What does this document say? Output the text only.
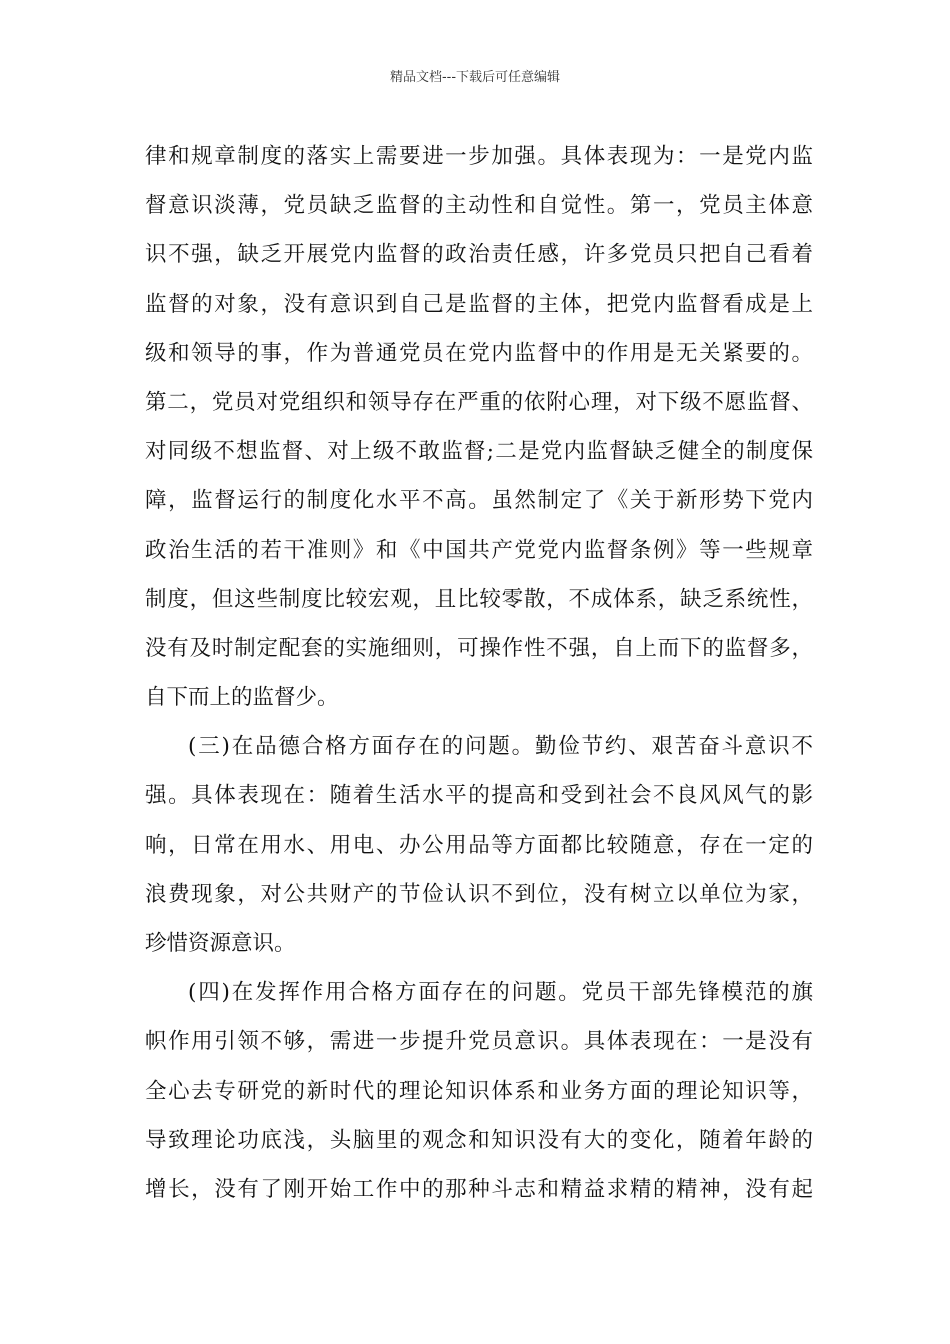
精品文档---下载后可任意编辑
律和规章制度的落实上需要进一步加强。具体表现为：一是党内监
督意识淡薄，党员缺乏监督的主动性和自觉性。第一，党员主体意
识不强，缺乏开展党内监督的政治责任感，许多党员只把自己看着
监督的对象，没有意识到自己是监督的主体，把党内监督看成是上
级和领导的事，作为普通党员在党内监督中的作用是无关紧要的。
第二，党员对党组织和领导存在严重的依附心理，对下级不愿监督、
对同级不想监督、对上级不敢监督;二是党内监督缺乏健全的制度保
障，监督运行的制度化水平不高。虽然制定了《关于新形势下党内
政治生活的若干准则》和《中国共产党党内监督条例》等一些规章
制度，但这些制度比较宏观，且比较零散，不成体系，缺乏系统性，
没有及时制定配套的实施细则，可操作性不强，自上而下的监督多，
自下而上的监督少。
(三)在品德合格方面存在的问题。勤俭节约、艰苦奋斗意识不
强。具体表现在：随着生活水平的提高和受到社会不良风风气的影
响，日常在用水、用电、办公用品等方面都比较随意，存在一定的
浪费现象，对公共财产的节俭认识不到位，没有树立以单位为家，
珍惜资源意识。
(四)在发挥作用合格方面存在的问题。党员干部先锋模范的旗
帜作用引领不够，需进一步提升党员意识。具体表现在：一是没有
全心去专研党的新时代的理论知识体系和业务方面的理论知识等，
导致理论功底浅，头脑里的观念和知识没有大的变化，随着年龄的
增长，没有了刚开始工作中的那种斗志和精益求精的精神，没有起
